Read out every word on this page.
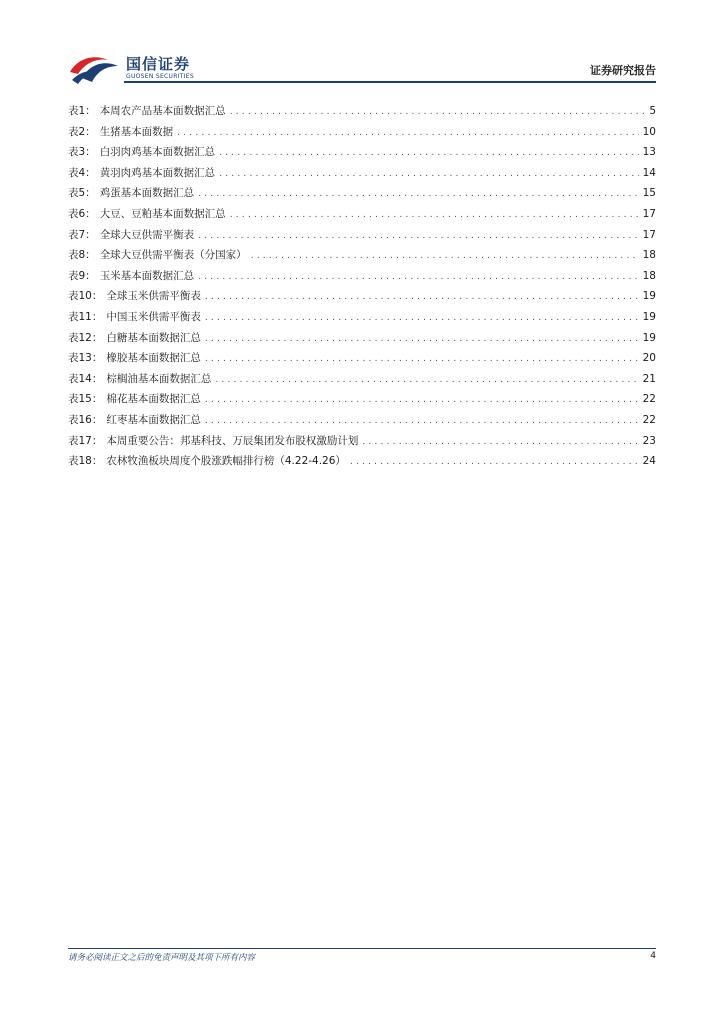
国信证券
GUOSEN SECURITIES	证券研究报告
表1： 本周农产品基本面数据汇总 .....	5
表2： 生猪基本面数据 .....	10
表3： 白羽肉鸡基本面数据汇总 .....	13
表4： 黄羽肉鸡基本面数据汇总 .....	14
表5： 鸡蛋基本面数据汇总 .....	15
表6： 大豆、豆粕基本面数据汇总 .....	17
表7： 全球大豆供需平衡表 .....	17
表8： 全球大豆供需平衡表（分国家） .....	18
表9： 玉米基本面数据汇总 .....	18
表10： 全球玉米供需平衡表 .....	19
表11： 中国玉米供需平衡表 .....	19
表12： 白糖基本面数据汇总 .....	19
表13： 橡胶基本面数据汇总 .....	20
表14： 棕榈油基本面数据汇总 .....	21
表15： 棉花基本面数据汇总 .....	22
表16： 红枣基本面数据汇总 .....	22
表17： 本周重要公告：邦基科技、万辰集团发布股权激励计划 .....	23
表18： 农林牧渔板块周度个股涨跌幅排行榜（4.22-4.26） .....	24
请务必阅读正文之后的免责声明及其项下所有内容	4
